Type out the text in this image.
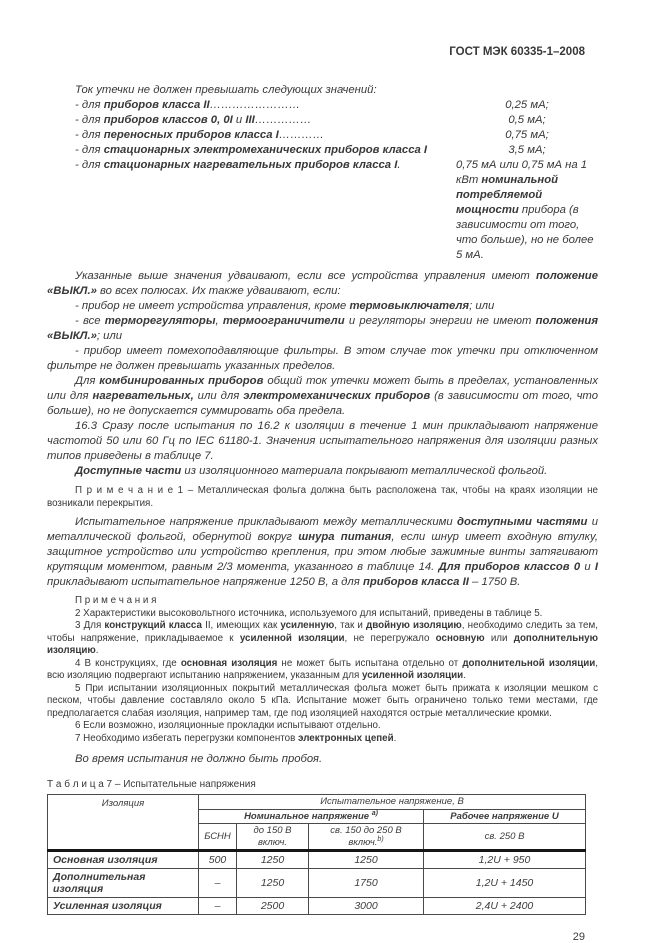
ГОСТ МЭК 60335-1–2008

Ток утечки не должен превышать следующих значений:

- для приборов класса II……………………	0,25 мА;
- для приборов классов 0, 0I и III……………	0,5 мА;
- для переносных приборов класса I…………	0,75 мА;
- для стационарных электромеханических приборов класса I	3,5 мА;
- для стационарных нагревательных приборов класса I.	0,75 мА или 0,75 мА на 1 кВт номинальной потребляемой мощности прибора (в зависимости от того, что больше), но не более 5 мА.

Указанные выше значения удваивают, если все устройства управления имеют положение «ВЫКЛ.» во всех полюсах. Их также удваивают, если:

- прибор не имеет устройства управления, кроме термовыключателя; или

- все терморегуляторы, термоограничители и регуляторы энергии не имеют положения «ВЫКЛ.»; или

- прибор имеет помехоподавляющие фильтры. В этом случае ток утечки при отключенном фильтре не должен превышать указанных пределов.

Для комбинированных приборов общий ток утечки может быть в пределах, установленных или для нагревательных, или для электромеханических приборов (в зависимости от того, что больше), но не допускается суммировать оба предела.

16.3 Сразу после испытания по 16.2 к изоляции в течение 1 мин прикладывают напряжение частотой 50 или 60 Гц по IEC 61180-1. Значения испытательного напряжения для изоляции разных типов приведены в таблице 7.

Доступные части из изоляционного материала покрывают металлической фольгой.

П р и м е ч а н и е 1 – Металлическая фольга должна быть расположена так, чтобы на краях изоляции не возникали перекрытия.

Испытательное напряжение прикладывают между металлическими доступными частями и металлической фольгой, обернутой вокруг шнура питания, если шнур имеет входную втулку, защитное устройство или устройство крепления, при этом любые зажимные винты затягивают крутящим моментом, равным 2/3 момента, указанного в таблице 14. Для приборов классов 0 и I прикладывают испытательное напряжение 1250 В, а для приборов класса II – 1750 В.

П р и м е ч а н и я

2 Характеристики высоковольтного источника, используемого для испытаний, приведены в таблице 5.

3 Для конструкций класса II, имеющих как усиленную, так и двойную изоляцию, необходимо следить за тем, чтобы напряжение, прикладываемое к усиленной изоляции, не перегружало основную или дополнительную изоляцию.

4 В конструкциях, где основная изоляция не может быть испытана отдельно от дополнительной изоляции, всю изоляцию подвергают испытанию напряжением, указанным для усиленной изоляции.

5 При испытании изоляционных покрытий металлическая фольга может быть прижата к изоляции мешком с песком, чтобы давление составляло около 5 кПа. Испытание может быть ограничено только теми местами, где предполагается слабая изоляция, например там, где под изоляцией находятся острые металлические кромки.

6 Если возможно, изоляционные прокладки испытывают отдельно.

7 Необходимо избегать перегрузки компонентов электронных цепей.

Во время испытания не должно быть пробоя.

Т а б л и ц а 7 – Испытательные напряжения
Изоляция	Испытательное напряжение, В			
	Номинальное напряжение $^{a)}$			Рабочее напряжение U
	БСНН	до 150 В включ.	св. 150 до 250 В включ.$^{b)}$	св. 250 В
Основная изоляция	500	1250	1250	1,2U + 950
Дополнительная изоляция	–	1250	1750	1,2U + 1450
Усиленная изоляция	–	2500	3000	2,4U + 2400
29
